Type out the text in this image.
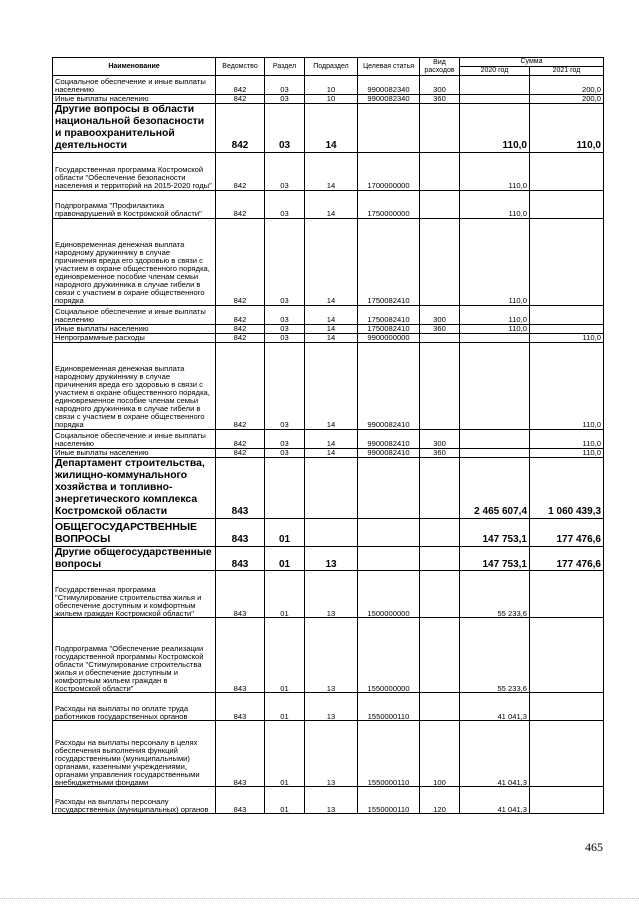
Наименование	Ведомство	Раздел	Подраздел	Целевая статья	Вид расходов	Сумма	
						2020 год	2021 год
Социальное обеспечение и иные выплаты населению	842	03	10	9900082340	300		200,0
Иные выплаты населению	842	03	10	9900082340	360		200,0
Другие вопросы в области национальной безопасности и правоохранительной деятельности	842	03	14			110,0	110,0
Государственная программа Костромской области "Обеспечение безопасности населения и территорий на 2015-2020 годы"	842	03	14	1700000000		110,0	
Подпрограмма "Профилактика правонарушений в Костромской области"	842	03	14	1750000000		110,0	
Единовременная денежная выплата народному дружиннику в случае причинения вреда его здоровью в связи с участием в охране общественного порядка, единовременное пособие членам семьи народного дружинника в случае гибели в связи с участием в охране общественного порядка	842	03	14	1750082410		110,0	
Социальное обеспечение и иные выплаты населению	842	03	14	1750082410	300	110,0	
Иные выплаты населению	842	03	14	1750082410	360	110,0	
Непрограммные расходы	842	03	14	9900000000			110,0
Единовременная денежная выплата народному дружиннику в случае причинения вреда его здоровью в связи с участием в охране общественного порядка, единовременное пособие членам семьи народного дружинника в случае гибели в связи с участием в охране общественного порядка	842	03	14	9900082410			110,0
Социальное обеспечение и иные выплаты населению	842	03	14	9900082410	300		110,0
Иные выплаты населению	842	03	14	9900082410	360		110,0
Департамент строительства, жилищно-коммунального хозяйства и топливно-энергетического комплекса Костромской области	843					2 465 607,4	1 060 439,3
ОБЩЕГОСУДАРСТВЕННЫЕ ВОПРОСЫ	843	01				147 753,1	177 476,6
Другие общегосударственные вопросы	843	01	13			147 753,1	177 476,6
Государственная программа "Стимулирование строительства жилья и обеспечение доступным и комфортным жильем граждан Костромской области"	843	01	13	1500000000		55 233,6	
Подпрограмма "Обеспечение реализации государственной программы Костромской области "Стимулирование строительства жилья и обеспечение доступным и комфортным жильем граждан в Костромской области"	843	01	13	1550000000		55 233,6	
Расходы на выплаты по оплате труда работников государственных органов	843	01	13	1550000110		41 041,3	
Расходы на выплаты персоналу в целях обеспечения выполнения функций государственными (муниципальными) органами, казенными учреждениями, органами управления государственными внебюджетными фондами	843	01	13	1550000110	100	41 041,3	
Расходы на выплаты персоналу государственных (муниципальных) органов	843	01	13	1550000110	120	41 041,3	
465
